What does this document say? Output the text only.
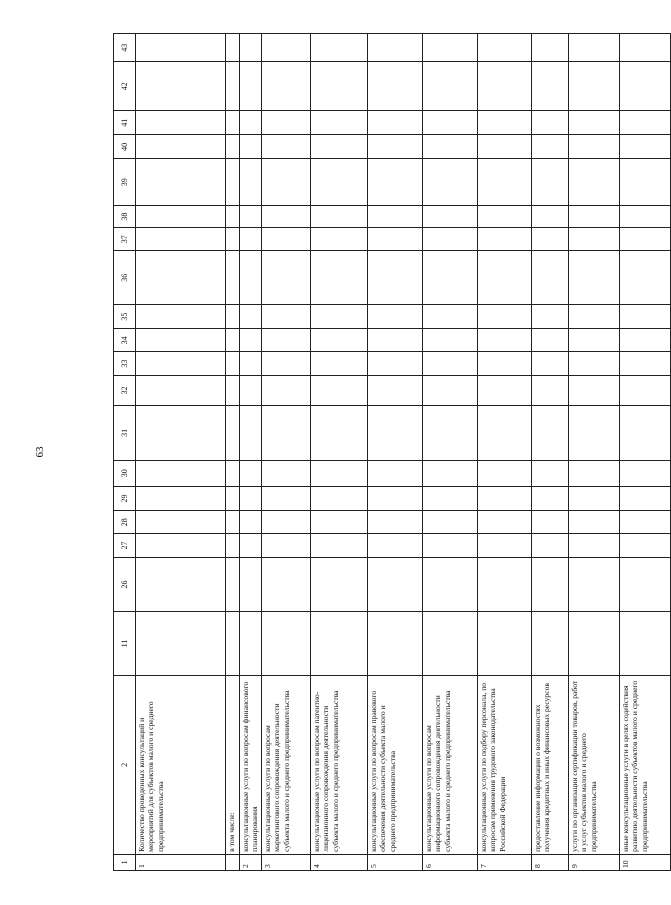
63
1	2	11	26	27	28	29	30	31	32	33	34	35	36	37	38	39	40	41	42	43
1	Количество проведенных консультаций и мероприятий для субъектов малого и среднего предпринимательства																			
	в том числе:																			
2	консультационные услуги по вопросам финансового планирования																			
3	консультационные услуги по вопросам маркетингового сопровождения деятельности субъекта малого и среднего предпринимательства																			
4	консультационные услуги по вопросам патентно-лицензионного сопровождения деятельности субъекта малого и среднего предпринимательства																			
5	консультационные услуги по вопросам правового обеспечения деятельности субъекта малого и среднего предпринимательства																			
6	консультационные услуги по вопросам информационного сопровождения деятельности субъекта малого и среднего предпринимательства																			
7	консультационные услуги по подбору персонала, по вопросам применения трудового законодательства Российской Федерации																			
8	предоставление информации о возможностях получения кредитных и иных финансовых ресурсов																			
9	услуги по организации сертификации товаров, работ и услуг субъектов малого и среднего предпринимательства																			
10	иные консультационные услуги в целях содействия развитию деятельности субъектов малого и среднего предпринимательства																			
